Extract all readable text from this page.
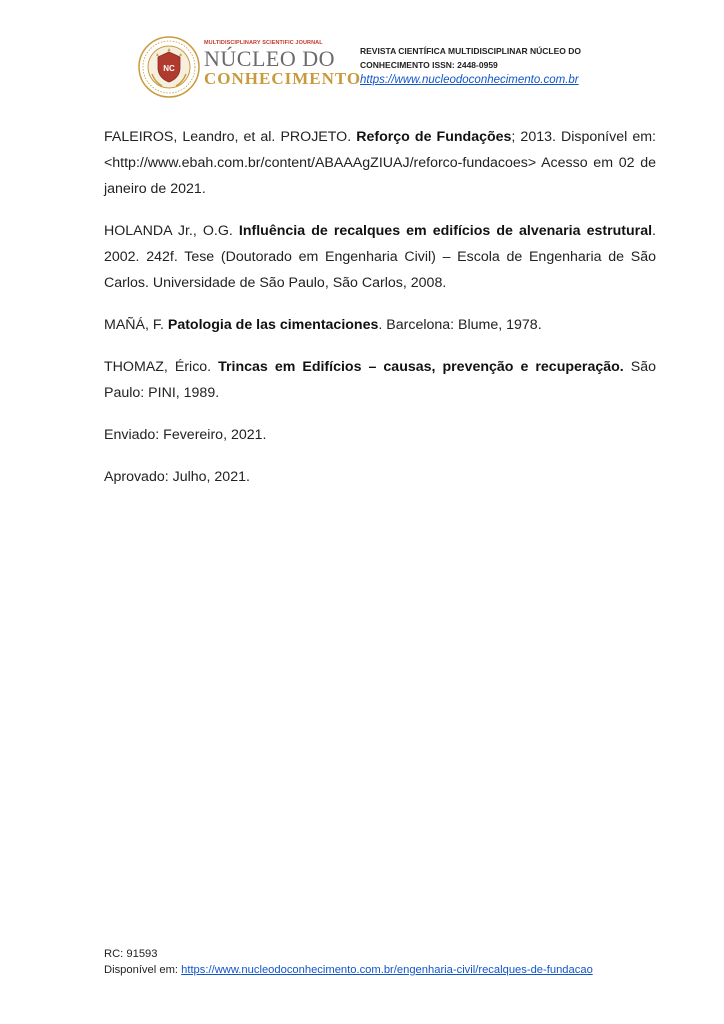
NC
MULTIDISCIPLINARY SCIENTIFIC JOURNAL
NÚCLEO DO
CONHECIMENTO
REVISTA CIENTÍFICA MULTIDISCIPLINAR NÚCLEO DO
CONHECIMENTO ISSN: 2448-0959
https://www.nucleodoconhecimento.com.br

FALEIROS, Leandro, et al. PROJETO. Reforço de Fundações; 2013. Disponível em: <http://www.ebah.com.br/content/ABAAAgZIUAJ/reforco-fundacoes> Acesso em 02 de janeiro de 2021.

HOLANDA Jr., O.G. Influência de recalques em edifícios de alvenaria estrutural. 2002. 242f. Tese (Doutorado em Engenharia Civil) – Escola de Engenharia de São Carlos. Universidade de São Paulo, São Carlos, 2008.

MAÑÁ, F. Patologia de las cimentaciones. Barcelona: Blume, 1978.

THOMAZ, Érico. Trincas em Edifícios – causas, prevenção e recuperação. São Paulo: PINI, 1989.

Enviado: Fevereiro, 2021.

Aprovado: Julho, 2021.

RC: 91593
Disponível em: https://www.nucleodoconhecimento.com.br/engenharia-civil/recalques-de-fundacao
